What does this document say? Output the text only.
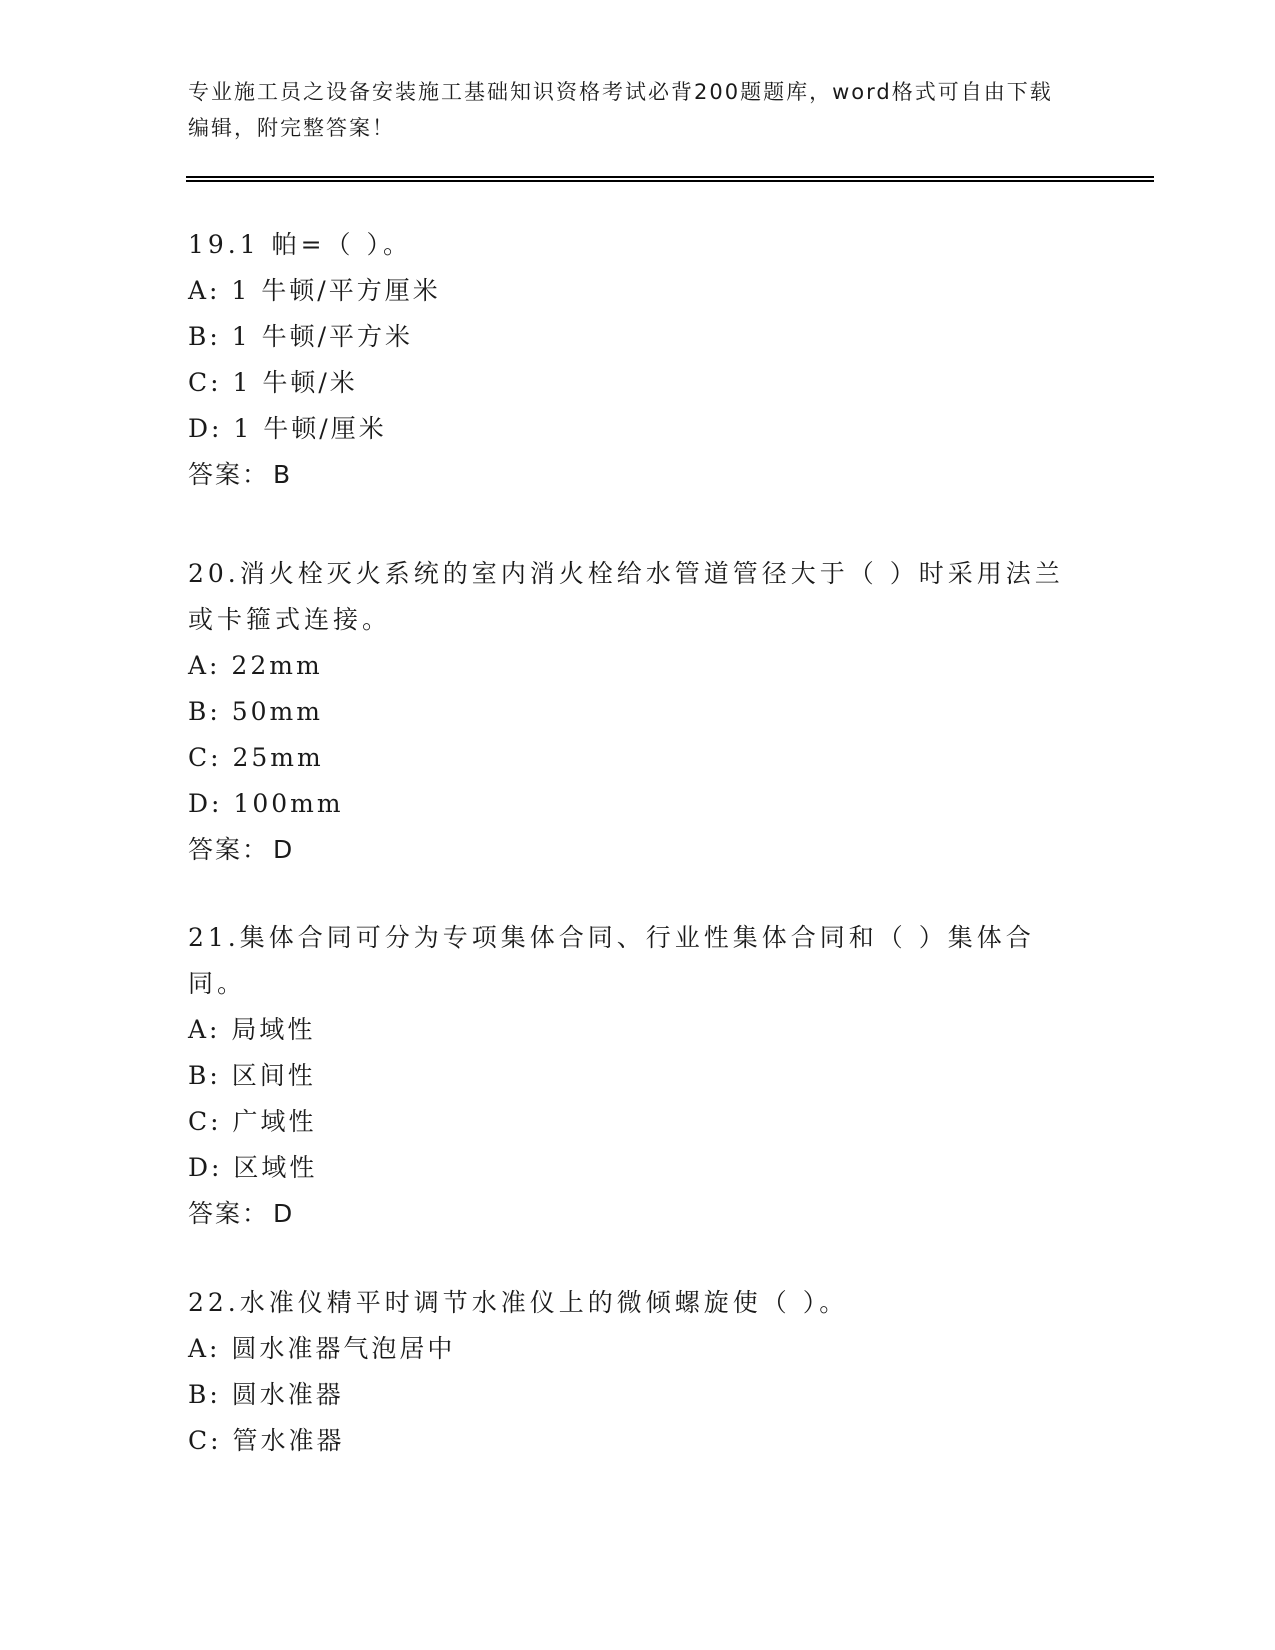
专业施工员之设备安装施工基础知识资格考试必背200题题库，word格式可自由下载编辑，附完整答案！
19.1 帕=（ ）。
A: 1 牛顿/平方厘米
B: 1 牛顿/平方米
C: 1 牛顿/米
D: 1 牛顿/厘米
答案： B
20.消火栓灭火系统的室内消火栓给水管道管径大于（ ）时采用法兰或卡箍式连接。
A: 22mm
B: 50mm
C: 25mm
D: 100mm
答案： D
21.集体合同可分为专项集体合同、行业性集体合同和（ ）集体合同。
A: 局域性
B: 区间性
C: 广域性
D: 区域性
答案： D
22.水准仪精平时调节水准仪上的微倾螺旋使（ ）。
A: 圆水准器气泡居中
B: 圆水准器
C: 管水准器
